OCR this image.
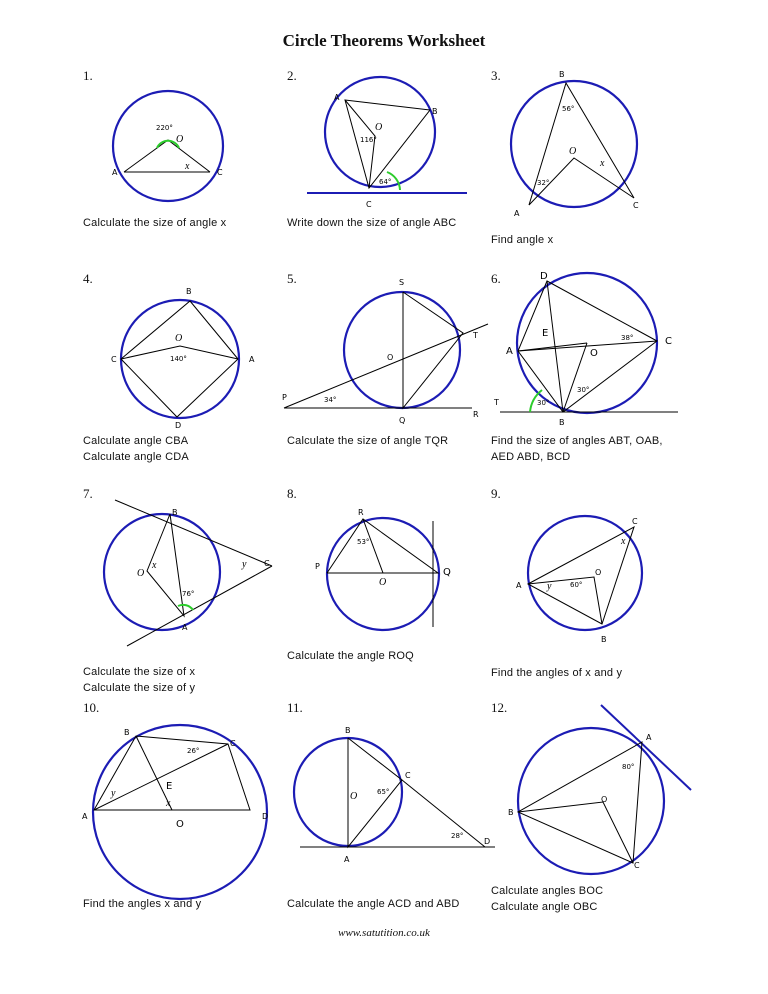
Circle Theorems Worksheet
1.	2.	3.
4.	5.	6.
7.	8.	9.
10.	11.	12.
Calculate the size of angle x	Write down the size of angle ABC
Find angle x
Calculate angle CBA
Calculate angle CDA
Calculate the size of angle TQR	Find the size of angles ABT, OAB,
AED ABD, BCD
Calculate the size of x
Calculate the size of y
Calculate the angle ROQ
Find the angles of x and y
Find the angles x and y	Calculate the angle ACD and ABD
Calculate angles BOC
Calculate angle OBC
220°
O
x
A	C
A
B
C
O
116°
64°
B
56°
O
x
32°
A
C
B
O
140°
C	A
D
S
T
O
34°
P
Q
R
D
E	38°	C
A	O
30°
30°
T
B
B
O
x	y C
76°
A
R
53°
P
Q
O
C
x
O
60°
y
A
B
B
26°
C
y
E
x
A
O
D
B
C
O	65°
28°
D
A
A
80°
O
B
C
www.satutition.co.uk
